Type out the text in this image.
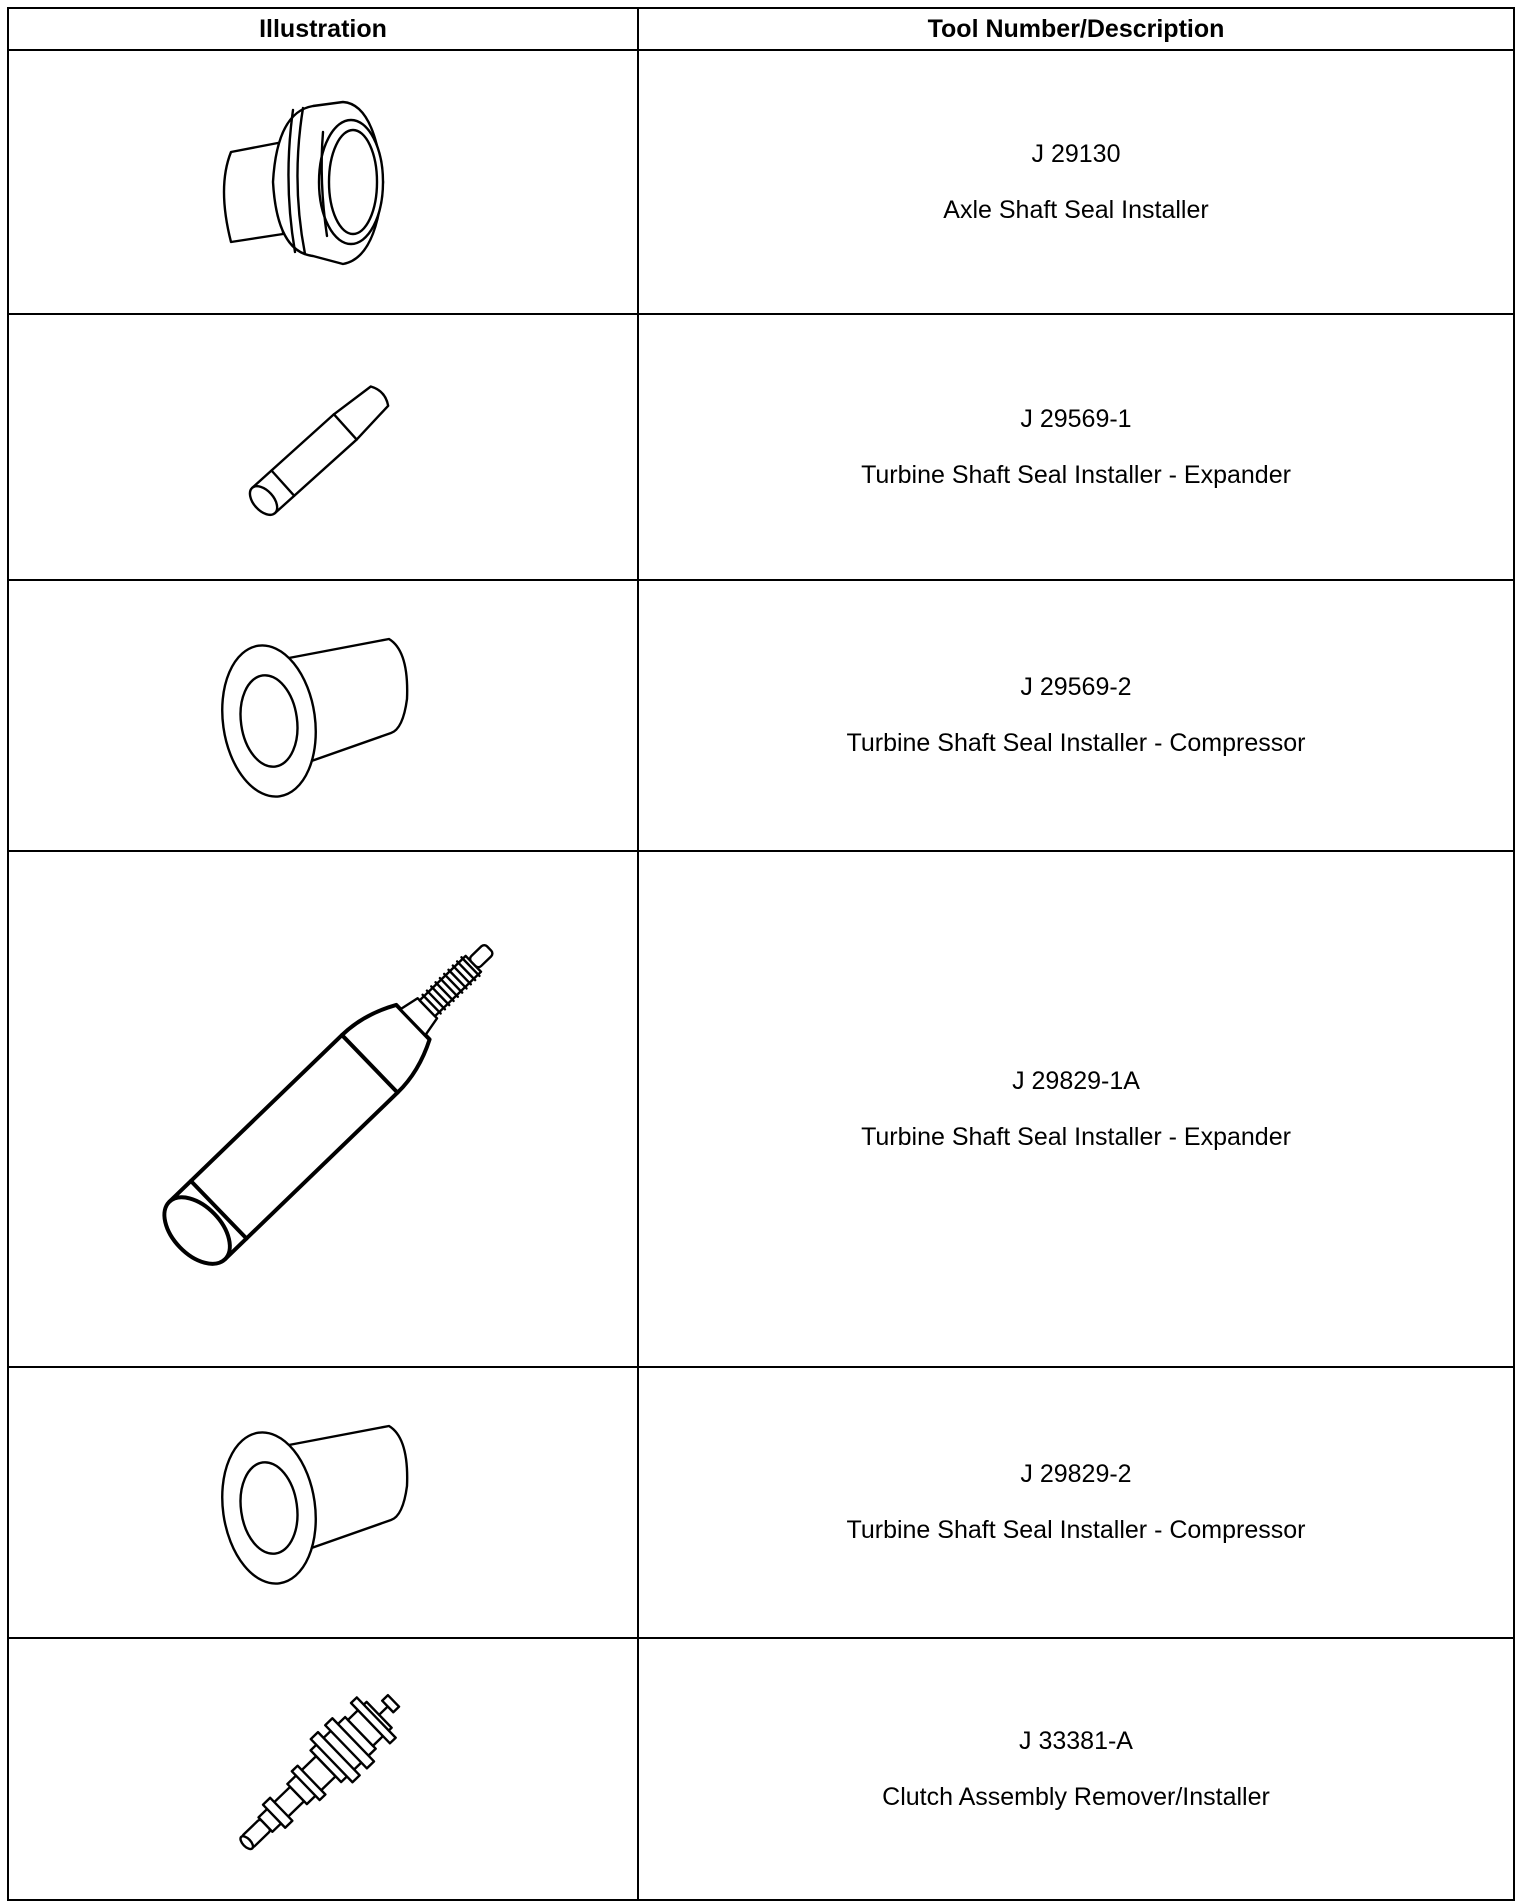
Illustration	Tool Number/Description

J 29130
Axle Shaft Seal Installer

J 29569-1
Turbine Shaft Seal Installer - Expander

J 29569-2
Turbine Shaft Seal Installer - Compressor

J 29829-1A
Turbine Shaft Seal Installer - Expander

J 29829-2
Turbine Shaft Seal Installer - Compressor

J 33381-A
Clutch Assembly Remover/Installer
